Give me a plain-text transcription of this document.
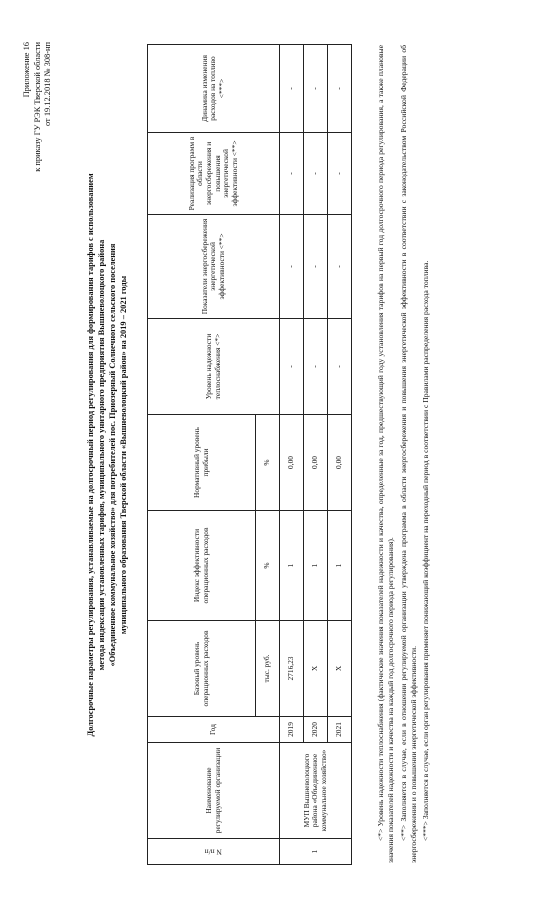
Приложение 16 к приказу ГУ РЭК Тверской области от 19.12.2018 № 308-нп
Долгосрочные параметры регулирования, устанавливаемые на долгосрочный период регулирования для формирования тарифов с использованием метода индексации установленных тарифов, муниципального унитарного предприятия Вышневолоцкого района «Объединенное коммунальное хозяйство» для потребителей пос. Приозерный Солнечного сельского поселения муниципального образования Тверской области «Вышневолоцкий район» на 2019 – 2021 годы
N п/п	Наименование регулируемой организации	Год	Базовый уровень операционных расходов	Индекс эффективности операционных расходов	Нормативный уровень прибыли	Уровень надежности теплоснабжения <*>	Показатели энергосбережения энергетической эффективности <**>	Реализация программ в области энергосбережения и повышения энергетической эффективности <**>	Динамика изменения расходов на топливо <***>
			тыс. руб.	%	%				
1	МУП Вышневолоцкого района «Объединенное коммунальное хозяйство»	2019	2716,23	1	0,00	-	-	-	-
		2020	Х	1	0,00	-	-	-	-
		2021	Х	1	0,00	-	-	-	-	<*> Уровень надежности теплоснабжения (фактические значения показателей надежности и качества, определенные за год, предшествующий году установления тарифов на первый год долгосрочного периода регулирования, а также плановые значения показателей надежности и качества на каждый год долгосрочного периода регулирования). <**> Заполняется в случае, если в отношении регулируемой организации утверждена программа в области энергосбережения и повышения энергетической эффективности в соответствии с законодательством Российской Федерации об энергосбережении и о повышении энергетической эффективности. <***> Заполняется в случае, если орган регулирования применяет понижающий коэффициент на переходный период в соответствии с Правилами распределения расхода топлива.
